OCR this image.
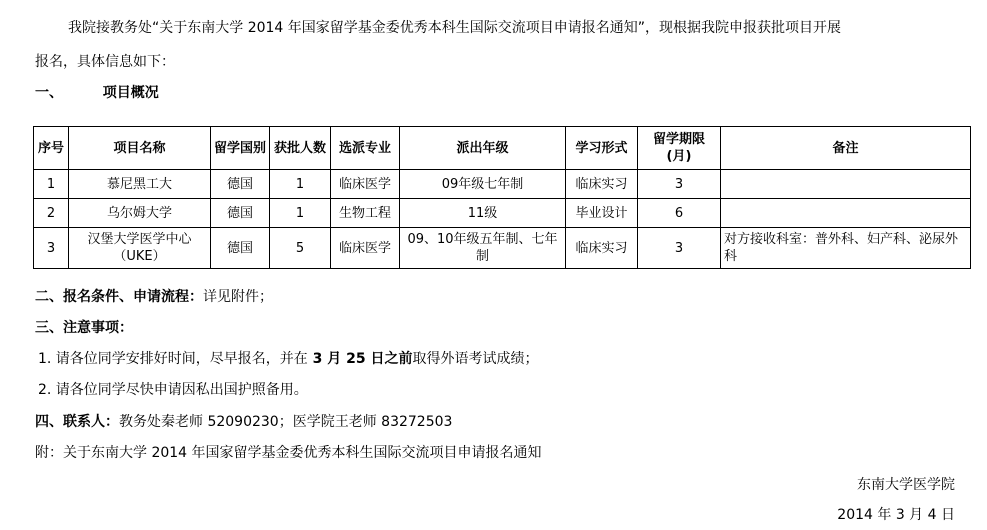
我院接教务处“关于东南大学 2014 年国家留学基金委优秀本科生国际交流项目申请报名通知”，现根据我院申报获批项目开展
报名，具体信息如下：
一、	项目概况
序号	项目名称	留学国别	获批人数	选派专业	派出年级	学习形式	留学期限(月)	备注
1	慕尼黑工大	德国	1	临床医学	09年级七年制	临床实习	3	
2	乌尔姆大学	德国	1	生物工程	11级	毕业设计	6	
3	汉堡大学医学中心（UKE）	德国	5	临床医学	09、10年级五年制、七年制	临床实习	3	对方接收科室：普外科、妇产科、泌尿外科
二、报名条件、申请流程：详见附件；
三、注意事项：
1. 请各位同学安排好时间，尽早报名，并在 3 月 25 日之前取得外语考试成绩；
2. 请各位同学尽快申请因私出国护照备用。
四、联系人：教务处秦老师 52090230；医学院王老师 83272503
附：关于东南大学 2014 年国家留学基金委优秀本科生国际交流项目申请报名通知
东南大学医学院
2014 年 3 月 4 日
